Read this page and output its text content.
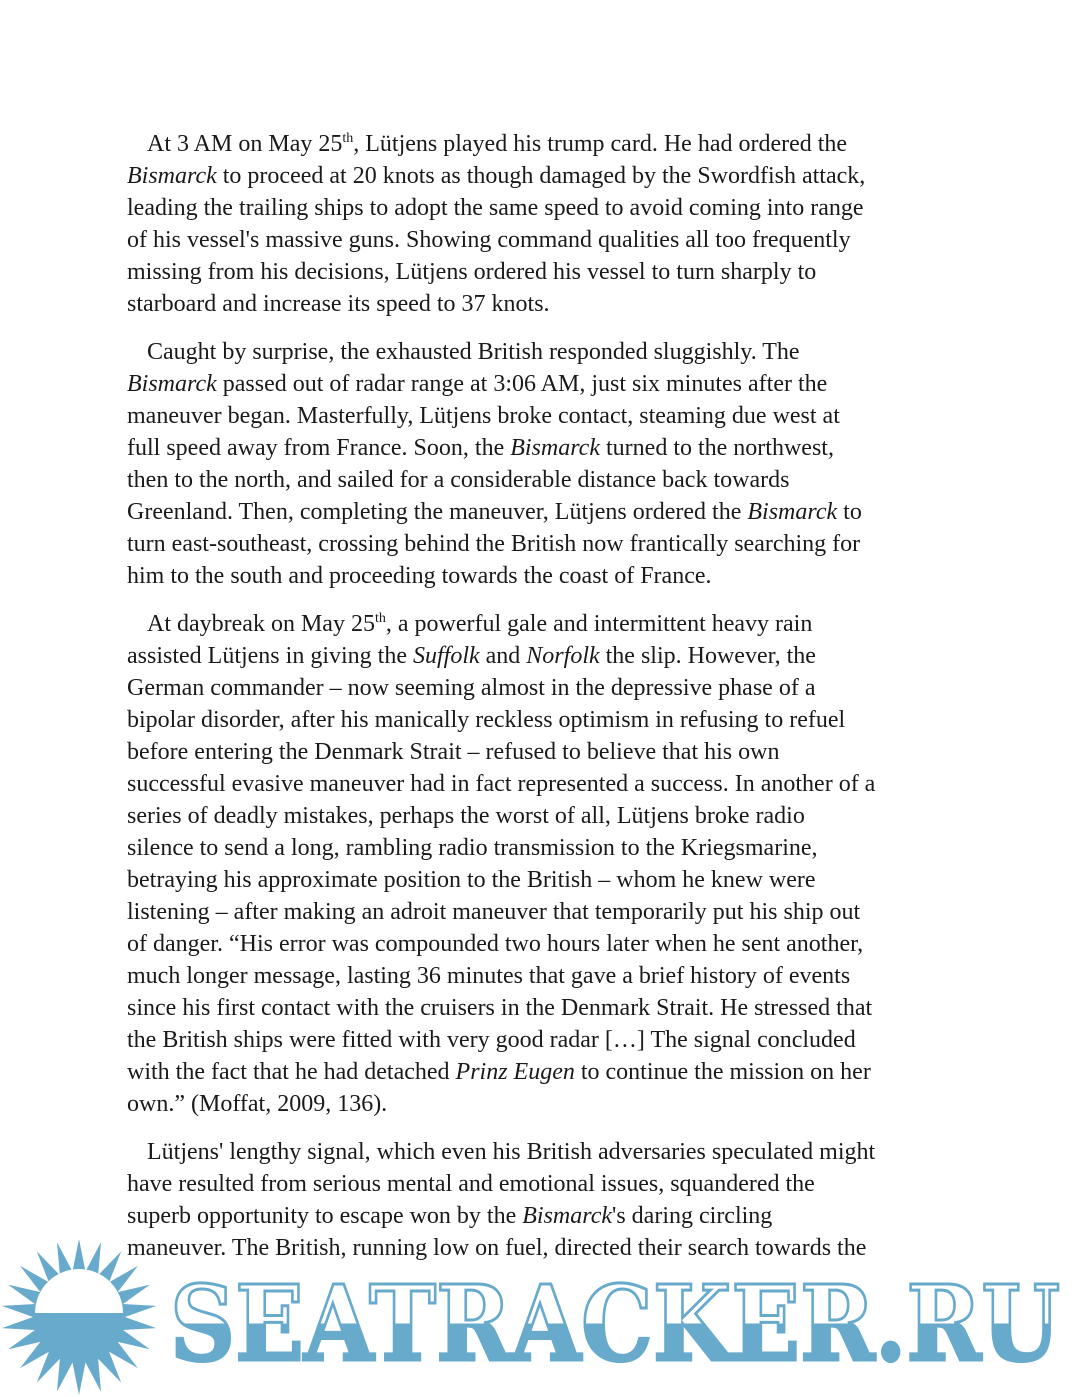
At 3 AM on May 25th, Lütjens played his trump card. He had ordered the
Bismarck to proceed at 20 knots as though damaged by the Swordfish attack,
leading the trailing ships to adopt the same speed to avoid coming into range
of his vessel's massive guns. Showing command qualities all too frequently
missing from his decisions, Lütjens ordered his vessel to turn sharply to
starboard and increase its speed to 37 knots.
Caught by surprise, the exhausted British responded sluggishly. The
Bismarck passed out of radar range at 3:06 AM, just six minutes after the
maneuver began. Masterfully, Lütjens broke contact, steaming due west at
full speed away from France. Soon, the Bismarck turned to the northwest,
then to the north, and sailed for a considerable distance back towards
Greenland. Then, completing the maneuver, Lütjens ordered the Bismarck to
turn east-southeast, crossing behind the British now frantically searching for
him to the south and proceeding towards the coast of France.
At daybreak on May 25th, a powerful gale and intermittent heavy rain
assisted Lütjens in giving the Suffolk and Norfolk the slip. However, the
German commander – now seeming almost in the depressive phase of a
bipolar disorder, after his manically reckless optimism in refusing to refuel
before entering the Denmark Strait – refused to believe that his own
successful evasive maneuver had in fact represented a success. In another of a
series of deadly mistakes, perhaps the worst of all, Lütjens broke radio
silence to send a long, rambling radio transmission to the Kriegsmarine,
betraying his approximate position to the British – whom he knew were
listening – after making an adroit maneuver that temporarily put his ship out
of danger. “His error was compounded two hours later when he sent another,
much longer message, lasting 36 minutes that gave a brief history of events
since his first contact with the cruisers in the Denmark Strait. He stressed that
the British ships were fitted with very good radar […] The signal concluded
with the fact that he had detached Prinz Eugen to continue the mission on her
own.” (Moffat, 2009, 136).
Lütjens' lengthy signal, which even his British adversaries speculated might
have resulted from serious mental and emotional issues, squandered the
superb opportunity to escape won by the Bismarck's daring circling
maneuver. The British, running low on fuel, directed their search towards the
SEATRACKER.RU
